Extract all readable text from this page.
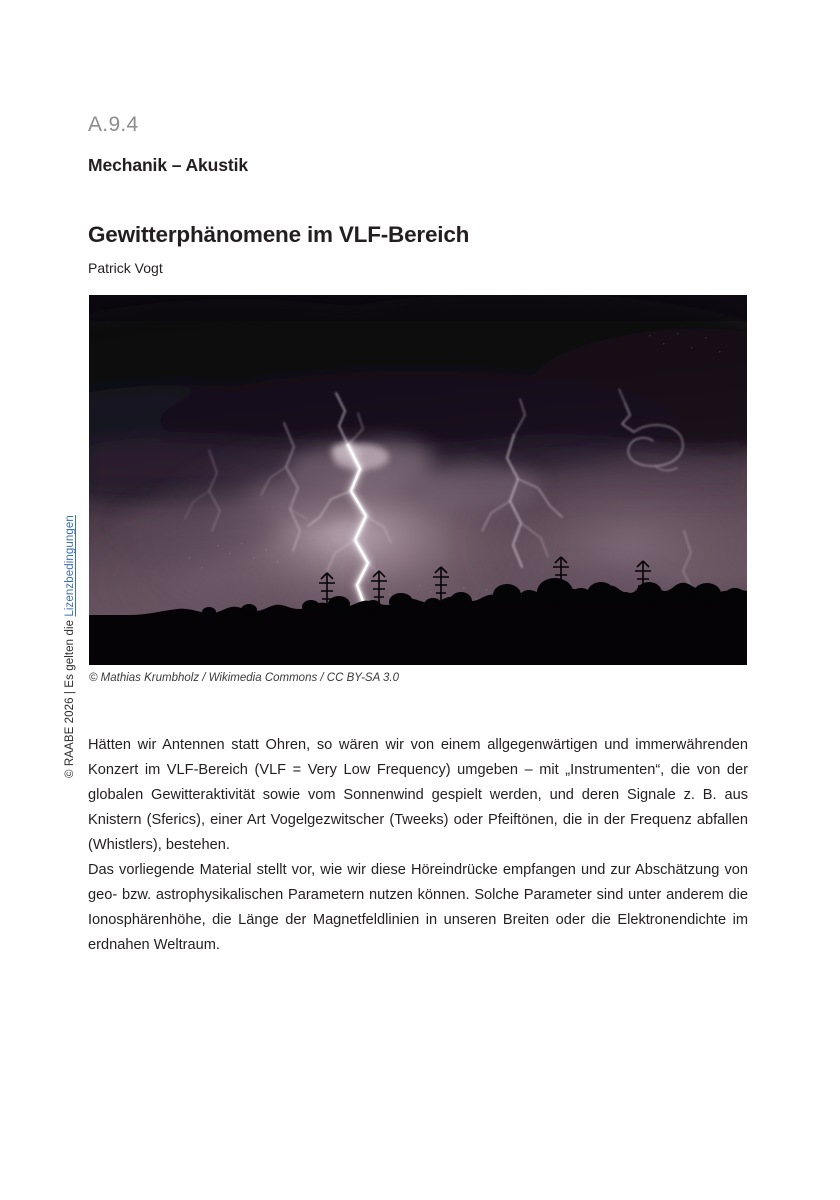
© RAABE 2026 | Es gelten die Lizenzbedingungen
A.9.4
Mechanik – Akustik
Gewitterphänomene im VLF-Bereich
Patrick Vogt
© Mathias Krumbholz / Wikimedia Commons / CC BY-SA 3.0

Hätten wir Antennen statt Ohren, so wären wir von einem allgegenwärtigen und immerwährenden Konzert im VLF-Bereich (VLF = Very Low Frequency) umgeben – mit „Instrumenten“, die von der globalen Gewitteraktivität sowie vom Sonnenwind gespielt werden, und deren Signale z. B. aus Knistern (Sferics), einer Art Vogelgezwitscher (Tweeks) oder Pfeiftönen, die in der Frequenz abfallen (Whistlers), bestehen.

Das vorliegende Material stellt vor, wie wir diese Höreindrücke empfangen und zur Abschätzung von geo- bzw. astrophysikalischen Parametern nutzen können. Solche Parameter sind unter anderem die Ionosphärenhöhe, die Länge der Magnetfeldlinien in unseren Breiten oder die Elektronendichte im erdnahen Weltraum.
